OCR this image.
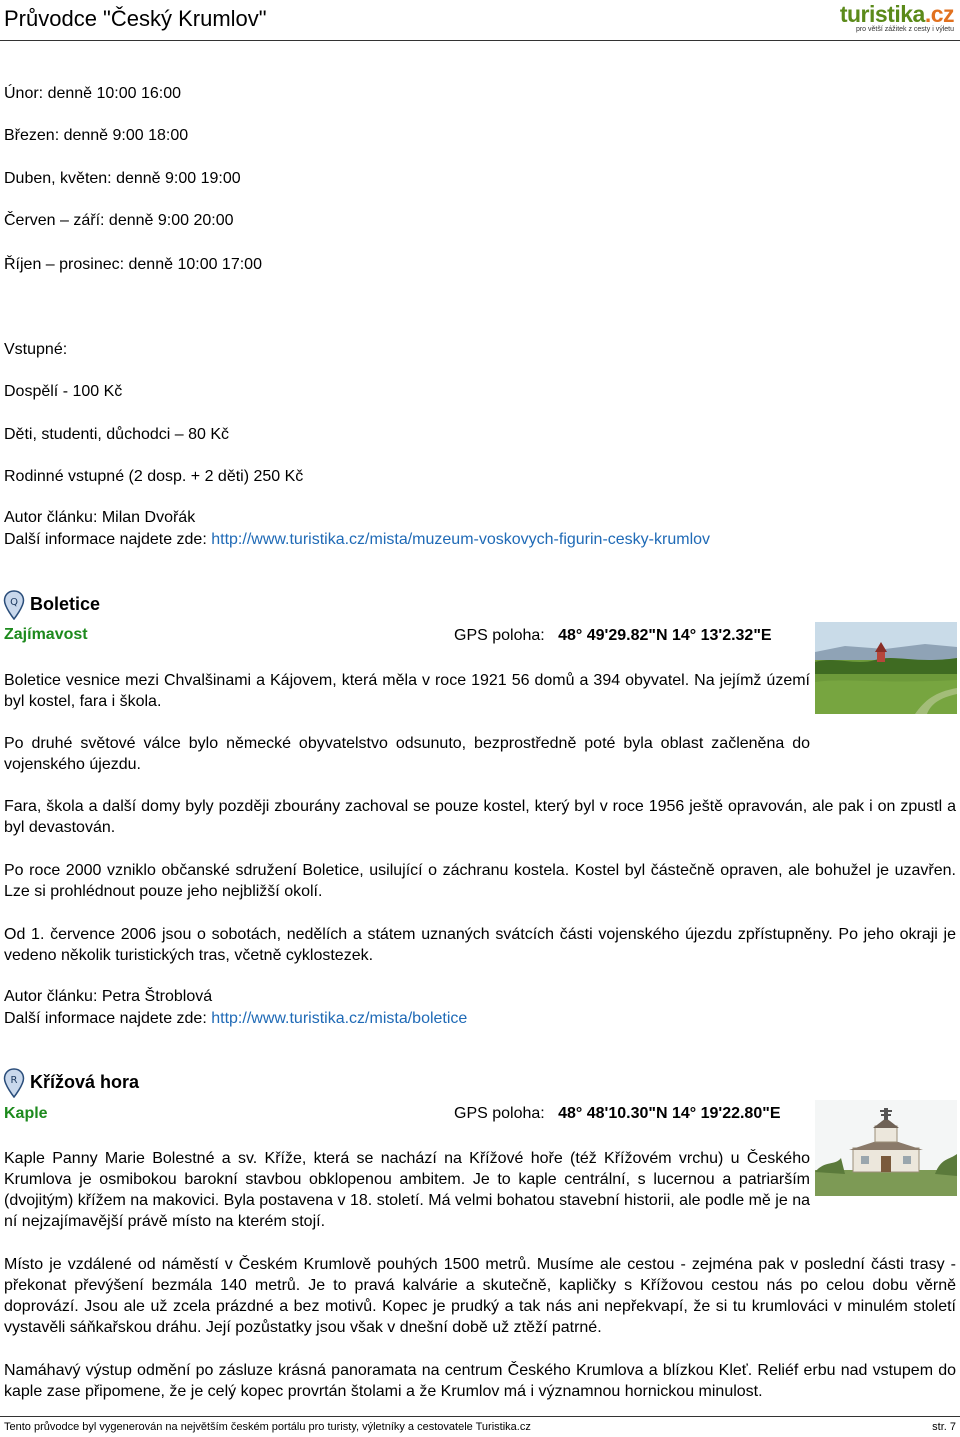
Průvodce "Český Krumlov"	turistika.cz
pro větší zážitek z cesty i výletu
Únor: denně 10:00 16:00
Březen: denně 9:00 18:00
Duben, květen: denně 9:00 19:00
Červen – září: denně 9:00 20:00
Říjen – prosinec: denně 10:00 17:00
Vstupné:
Dospělí - 100 Kč
Děti, studenti, důchodci – 80 Kč
Rodinné vstupné (2 dosp. + 2 děti) 250 Kč
Autor článku: Milan Dvořák
Další informace najdete zde: http://www.turistika.cz/mista/muzeum-voskovych-figurin-cesky-krumlov
Q Boletice
Zajímavost	GPS poloha: 48° 49'29.82"N 14° 13'2.32"E
Boletice vesnice mezi Chvalšinami a Kájovem, která měla v roce 1921 56 domů a 394 obyvatel. Na jejímž území byl kostel, fara i škola.
Po druhé světové válce bylo německé obyvatelstvo odsunuto, bezprostředně poté byla oblast začleněna do vojenského újezdu.
Fara, škola a další domy byly později zbourány zachoval se pouze kostel, který byl v roce 1956 ještě opravován, ale pak i on zpustl a byl devastován.
Po roce 2000 vzniklo občanské sdružení Boletice, usilující o záchranu kostela. Kostel byl částečně opraven, ale bohužel je uzavřen. Lze si prohlédnout pouze jeho nejbližší okolí.
Od 1. července 2006 jsou o sobotách, nedělích a státem uznaných svátcích části vojenského újezdu zpřístupněny. Po jeho okraji je vedeno několik turistických tras, včetně cyklostezek.
Autor článku: Petra Štroblová
Další informace najdete zde: http://www.turistika.cz/mista/boletice
R Křížová hora
Kaple	GPS poloha: 48° 48'10.30"N 14° 19'22.80"E
Kaple Panny Marie Bolestné a sv. Kříže, která se nachází na Křížové hoře (též Křížovém vrchu) u Českého Krumlova je osmibokou barokní stavbou obklopenou ambitem. Je to kaple centrální, s lucernou a patriarším (dvojitým) křížem na makovici. Byla postavena v 18. století. Má velmi bohatou stavební historii, ale podle mě je na ní nejzajímavější právě místo na kterém stojí.
Místo je vzdálené od náměstí v Českém Krumlově pouhých 1500 metrů. Musíme ale cestou - zejména pak v poslední části trasy - překonat převýšení bezmála 140 metrů. Je to pravá kalvárie a skutečně, kapličky s Křížovou cestou nás po celou dobu věrně doprovází. Jsou ale už zcela prázdné a bez motivů. Kopec je prudký a tak nás ani nepřekvapí, že si tu krumlováci v minulém století vystavěli sáňkařskou dráhu. Její pozůstatky jsou však v dnešní době už ztěží patrné.
Namáhavý výstup odmění po zásluze krásná panoramata na centrum Českého Krumlova a blízkou Kleť. Reliéf erbu nad vstupem do kaple zase připomene, že je celý kopec provrtán štolami a že Krumlov má i významnou hornickou minulost.
Tento průvodce byl vygenerován na největším českém portálu pro turisty, výletníky a cestovatele Turistika.cz	str. 7
